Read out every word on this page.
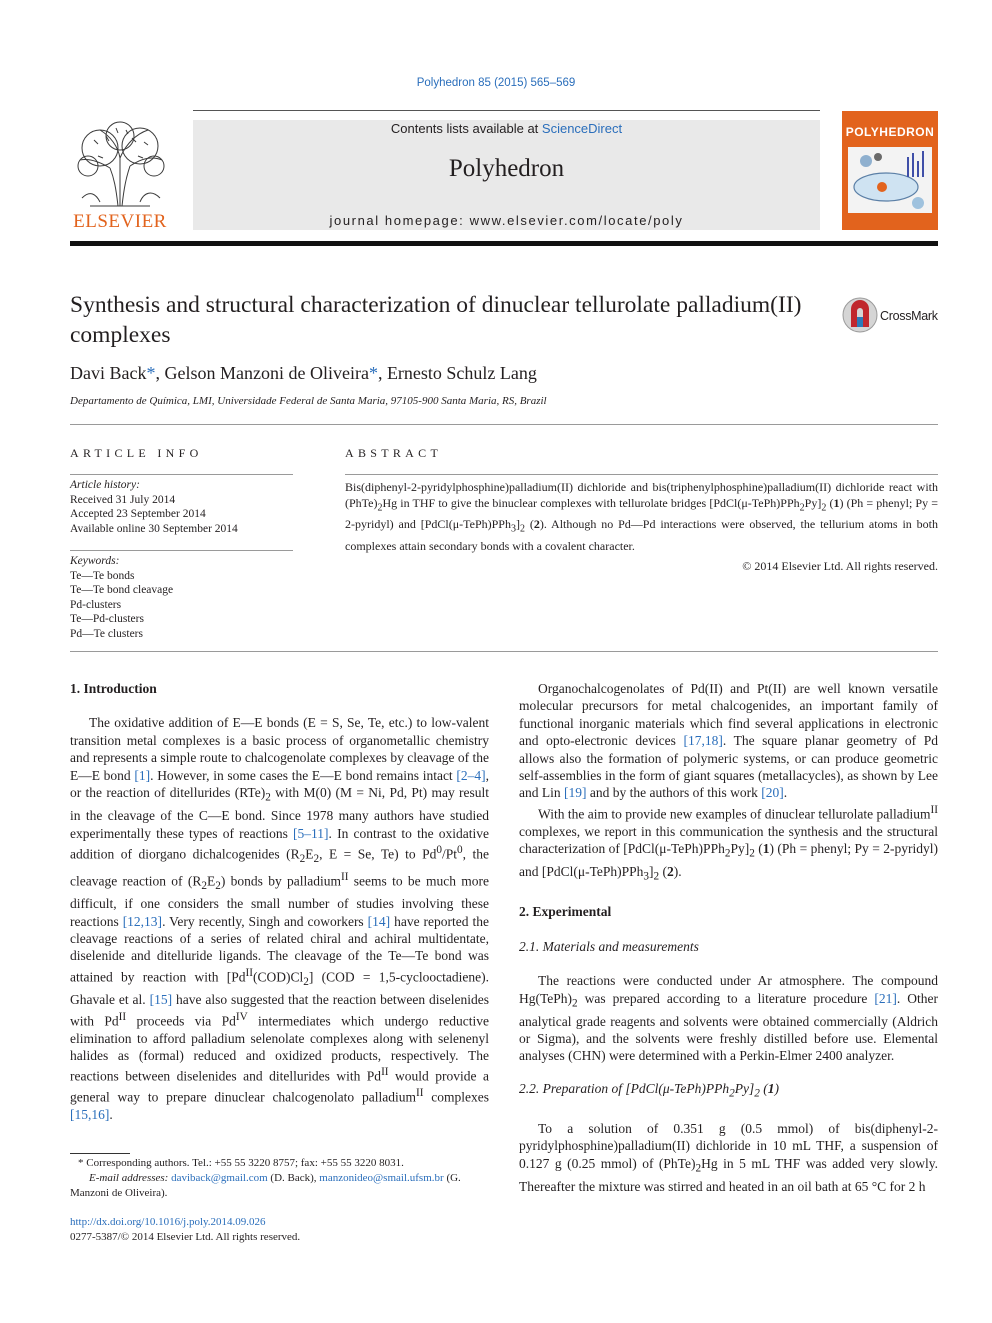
Polyhedron 85 (2015) 565–569
ELSEVIER
Contents lists available at ScienceDirect
Polyhedron
journal homepage: www.elsevier.com/locate/poly
POLYHEDRON
Synthesis and structural characterization of dinuclear tellurolate palladium(II) complexes
CrossMark
Davi Back*, Gelson Manzoni de Oliveira*, Ernesto Schulz Lang
Departamento de Química, LMI, Universidade Federal de Santa Maria, 97105-900 Santa Maria, RS, Brazil
ARTICLE INFO
Article history:
Received 31 July 2014
Accepted 23 September 2014
Available online 30 September 2014
Keywords:
Te—Te bonds
Te—Te bond cleavage
Pd-clusters
Te—Pd-clusters
Pd—Te clusters
ABSTRACT
Bis(diphenyl-2-pyridylphosphine)palladium(II) dichloride and bis(triphenylphosphine)palladium(II) dichloride react with $(PhTe)_2Hg$ in THF to give the binuclear complexes with tellurolate bridges $[PdCl(\mu-TePh)PPh_2Py]_2$ (1) (Ph = phenyl; Py = 2-pyridyl) and $[PdCl(\mu-TePh)PPh_3]_2$ (2). Although no Pd—Pd interactions were observed, the tellurium atoms in both complexes attain secondary bonds with a covalent character.
© 2014 Elsevier Ltd. All rights reserved.
1. Introduction

The oxidative addition of E—E bonds (E = S, Se, Te, etc.) to low-valent transition metal complexes is a basic process of organometallic chemistry and represents a simple route to chalcogenolate complexes by cleavage of the E—E bond [1]. However, in some cases the E—E bond remains intact [2–4], or the reaction of ditellurides $(RTe)_2$ with M(0) (M = Ni, Pd, Pt) may result in the cleavage of the C—E bond. Since 1978 many authors have studied experimentally these types of reactions [5–11]. In contrast to the oxidative addition of diorgano dichalcogenides ($R_2E_2$, E = Se, Te) to Pd$^0$/Pt$^0$, the cleavage reaction of $(R_2E_2)$ bonds by palladium$^{II}$ seems to be much more difficult, if one considers the small number of studies involving these reactions [12,13]. Very recently, Singh and coworkers [14] have reported the cleavage reactions of a series of related chiral and achiral multidentate, diselenide and ditelluride ligands. The cleavage of the Te—Te bond was attained by reaction with $[Pd^{II}(COD)Cl_2] (COD$ = 1,5-cyclooctadiene). Ghavale et al. [15] have also suggested that the reaction between diselenides with $Pd^{II}$ proceeds via $Pd^{IV}$ intermediates which undergo reductive elimination to afford palladium selenolate complexes along with selenenyl halides as (formal) reduced and oxidized products, respectively. The reactions between diselenides and ditellurides with $Pd^{II}$ would provide a general way to prepare dinuclear chalcogenolato palladium$^{II}$ complexes [15,16].

Organochalcogenolates of Pd(II) and Pt(II) are well known versatile molecular precursors for metal chalcogenides, an important family of functional inorganic materials which find several applications in electronic and opto-electronic devices [17,18]. The square planar geometry of Pd allows also the formation of polymeric systems, or can produce geometric self-assemblies in the form of giant squares (metallacycles), as shown by Lee and Lin [19] and by the authors of this work [20].

With the aim to provide new examples of dinuclear tellurolate palladium$^{II}$ complexes, we report in this communication the synthesis and the structural characterization of $[PdCl(\mu-TePh)PPh_2Py]_2$ (1) (Ph = phenyl; Py = 2-pyridyl) and $[PdCl(\mu-TePh)PPh_3]_2$ (2).

2. Experimental
2.1. Materials and measurements

The reactions were conducted under Ar atmosphere. The compound $Hg(TePh)_2$ was prepared according to a literature procedure [21]. Other analytical grade reagents and solvents were obtained commercially (Aldrich or Sigma), and the solvents were freshly distilled before use. Elemental analyses (CHN) were determined with a Perkin-Elmer 2400 analyzer.

2.2. Preparation of $[PdCl(\mu-TePh)PPh_2Py]_2$ (1)

To a solution of 0.351 g (0.5 mmol) of bis(diphenyl-2-pyridylphosphine)palladium(II) dichloride in 10 mL THF, a suspension of 0.127 g (0.25 mmol) of $(PhTe)_2Hg$ in 5 mL THF was added very slowly. Thereafter the mixture was stirred and heated in an oil bath at 65 °C for 2 h

* Corresponding authors. Tel.: +55 55 3220 8757; fax: +55 55 3220 8031.
E-mail addresses: daviback@gmail.com (D. Back), manzonideo@smail.ufsm.br (G. Manzoni de Oliveira).
http://dx.doi.org/10.1016/j.poly.2014.09.026
0277-5387/© 2014 Elsevier Ltd. All rights reserved.
